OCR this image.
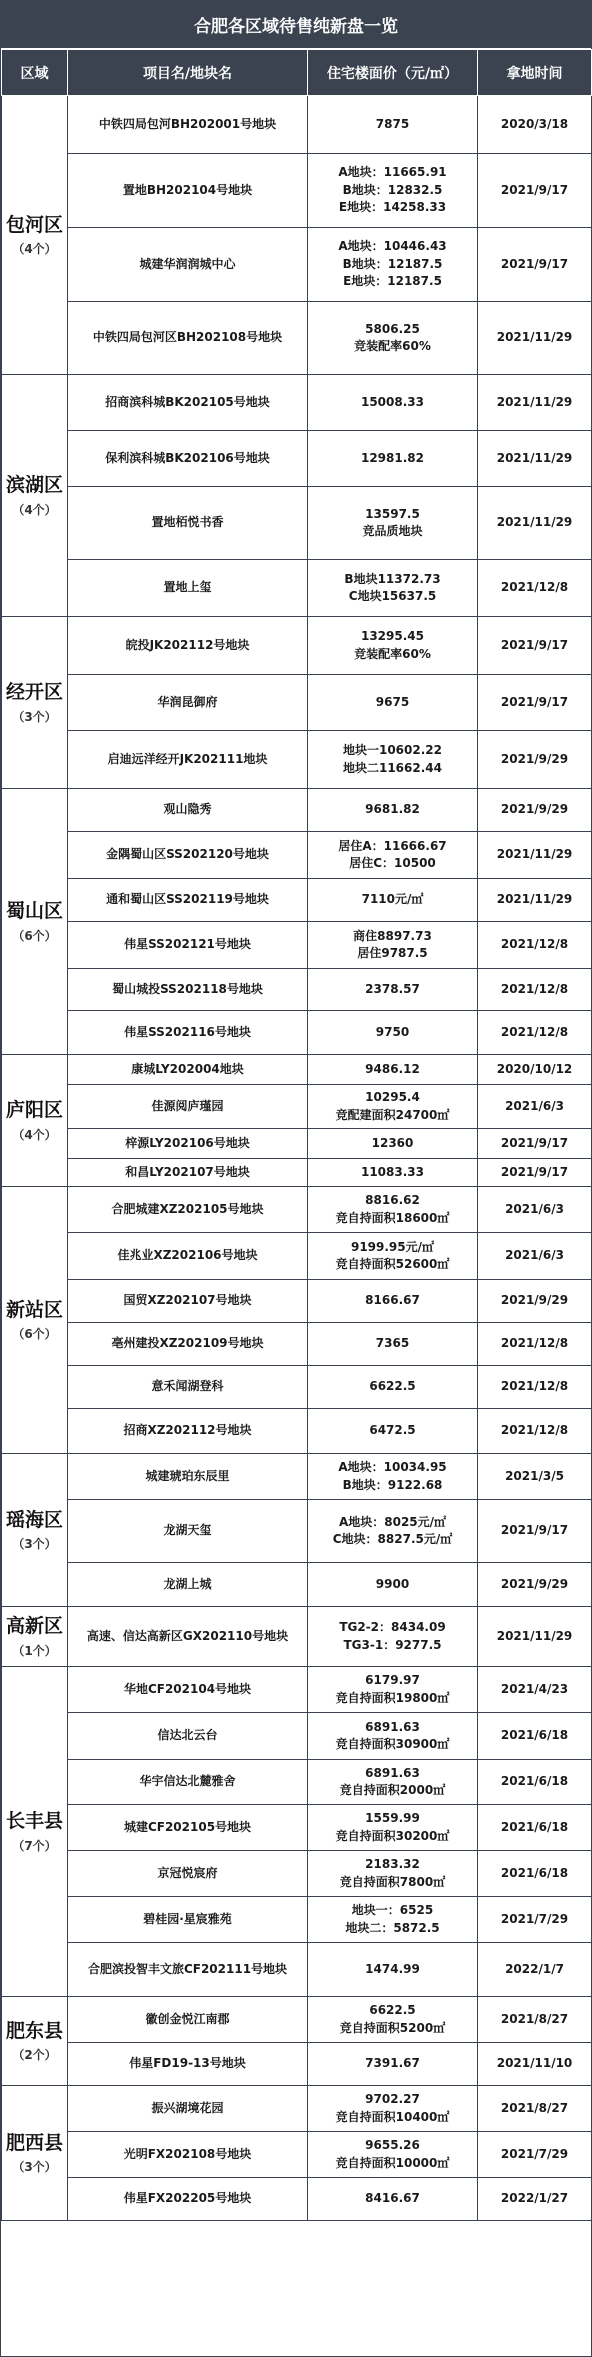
合肥各区域待售纯新盘一览
区域	项目名/地块名	住宅楼面价（元/㎡）	拿地时间

包河区
（4个）	中铁四局包河BH202001号地块	7875	2020/3/18
	置地BH202104号地块	A地块：11665.91
B地块：12832.5
E地块：14258.33	2021/9/17
	城建华润润城中心	A地块：10446.43
B地块：12187.5
E地块：12187.5	2021/9/17
	中铁四局包河区BH202108号地块	5806.25
竞装配率60%	2021/11/29

滨湖区
（4个）	招商滨科城BK202105号地块	15008.33	2021/11/29
	保利滨科城BK202106号地块	12981.82	2021/11/29
	置地栢悦书香	13597.5
竞品质地块	2021/11/29
	置地上玺	B地块11372.73
C地块15637.5	2021/12/8

经开区
（3个）	皖投JK202112号地块	13295.45
竞装配率60%	2021/9/17
	华润昆御府	9675	2021/9/17
	启迪远洋经开JK202111地块	地块一10602.22
地块二11662.44	2021/9/29

蜀山区
（6个）	观山隐秀	9681.82	2021/9/29
	金隅蜀山区SS202120号地块	居住A：11666.67
居住C：10500	2021/11/29
	通和蜀山区SS202119号地块	7110元/㎡	2021/11/29
	伟星SS202121号地块	商住8897.73
居住9787.5	2021/12/8
	蜀山城投SS202118号地块	2378.57	2021/12/8
	伟星SS202116号地块	9750	2021/12/8

庐阳区
（4个）	康城LY202004地块	9486.12	2020/10/12
	佳源阅庐瑾园	10295.4
竞配建面积24700㎡	2021/6/3
	梓源LY202106号地块	12360	2021/9/17
	和昌LY202107号地块	11083.33	2021/9/17

新站区
（6个）	合肥城建XZ202105号地块	8816.62
竞自持面积18600㎡	2021/6/3
	佳兆业XZ202106号地块	9199.95元/㎡
竞自持面积52600㎡	2021/6/3
	国贸XZ202107号地块	8166.67	2021/9/29
	亳州建投XZ202109号地块	7365	2021/12/8
	意禾闻湖登科	6622.5	2021/12/8
	招商XZ202112号地块	6472.5	2021/12/8

瑶海区
（3个）	城建琥珀东辰里	A地块：10034.95
B地块：9122.68	2021/3/5
	龙湖天玺	A地块：8025元/㎡
C地块：8827.5元/㎡	2021/9/17
	龙湖上城	9900	2021/9/29

高新区
（1个）	高速、信达高新区GX202110号地块	TG2-2：8434.09
TG3-1：9277.5	2021/11/29

长丰县
（7个）	华地CF202104号地块	6179.97
竞自持面积19800㎡	2021/4/23
	信达北云台	6891.63
竞自持面积30900㎡	2021/6/18
	华宇信达北麓雅舍	6891.63
竞自持面积2000㎡	2021/6/18
	城建CF202105号地块	1559.99
竞自持面积30200㎡	2021/6/18
	京冠悦宸府	2183.32
竞自持面积7800㎡	2021/6/18
	碧桂园·星宸雅苑	地块一：6525
地块二：5872.5	2021/7/29
	合肥滨投智丰文旅CF202111号地块	1474.99	2022/1/7

肥东县
（2个）	徽创金悦江南郡	6622.5
竞自持面积5200㎡	2021/8/27
	伟星FD19-13号地块	7391.67	2021/11/10

肥西县
（3个）	振兴湖境花园	9702.27
竞自持面积10400㎡	2021/8/27
	光明FX202108号地块	9655.26
竞自持面积10000㎡	2021/7/29
	伟星FX202205号地块	8416.67	2022/1/27
